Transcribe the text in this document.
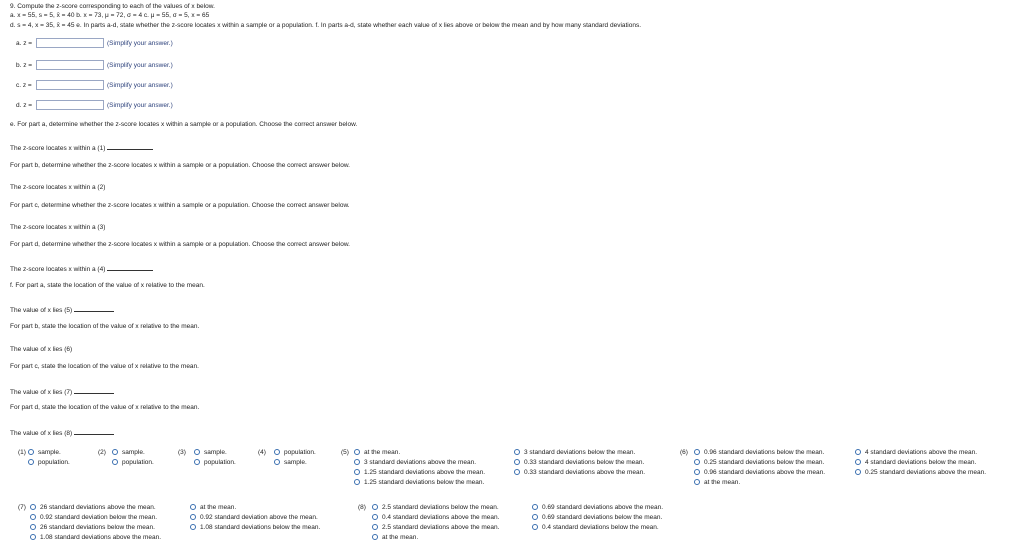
9. Compute the z-score corresponding to each of the values of x below.
a. x = 55, s = 5, x̄ = 40 b. x = 73, μ = 72, σ = 4 c. μ = 55, σ = 5, x = 65
d. s = 4, x = 35, x̄ = 45 e. In parts a-d, state whether the z-score locates x within a sample or a population. f. In parts a-d, state whether each value of x lies above or below the mean and by how many standard deviations.
a. z =	(Simplify your answer.)
b. z =	(Simplify your answer.)
c. z =	(Simplify your answer.)
d. z =	(Simplify your answer.)
e. For part a, determine whether the z-score locates x within a sample or a population. Choose the correct answer below.
The z-score locates x within a (1)
For part b, determine whether the z-score locates x within a sample or a population. Choose the correct answer below.
The z-score locates x within a (2)
For part c, determine whether the z-score locates x within a sample or a population. Choose the correct answer below.
The z-score locates x within a (3)
For part d, determine whether the z-score locates x within a sample or a population. Choose the correct answer below.
The z-score locates x within a (4)
f. For part a, state the location of the value of x relative to the mean.
The value of x lies (5)
For part b, state the location of the value of x relative to the mean.
The value of x lies (6)
For part c, state the location of the value of x relative to the mean.
The value of x lies (7)
For part d, state the location of the value of x relative to the mean.
The value of x lies (8)
(1)	sample.
population.
(2)	sample.
population.
(3)	sample.
population.
(4)	population.
sample.
(5)	at the mean.
3 standard deviations above the mean.
1.25 standard deviations above the mean.
1.25 standard deviations below the mean.
3 standard deviations below the mean.
0.33 standard deviations below the mean.
0.33 standard deviations above the mean.
(6)	0.96 standard deviations below the mean.
0.25 standard deviations below the mean.
0.96 standard deviations above the mean.
at the mean.
4 standard deviations above the mean.
4 standard deviations below the mean.
0.25 standard deviations above the mean.
(7)	26 standard deviations above the mean.
0.92 standard deviation below the mean.
26 standard deviations below the mean.
1.08 standard deviations above the mean.
at the mean.
0.92 standard deviation above the mean.
1.08 standard deviations below the mean.
(8)	2.5 standard deviations below the mean.
0.4 standard deviations above the mean.
2.5 standard deviations above the mean.
at the mean.
0.69 standard deviations above the mean.
0.69 standard deviations below the mean.
0.4 standard deviations below the mean.
